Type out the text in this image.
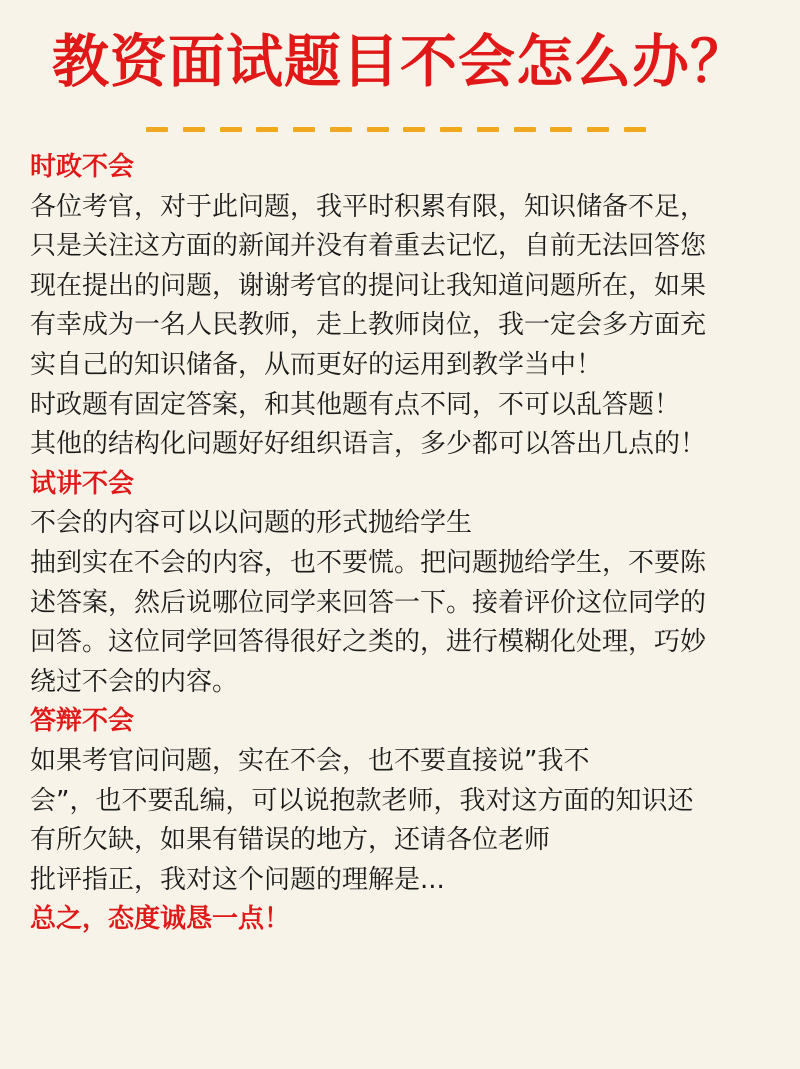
教资面试题目不会怎么办？
时政不会
各位考官，对于此问题，我平时积累有限，知识储备不足，
只是关注这方面的新闻并没有着重去记忆，自前无法回答您
现在提出的问题，谢谢考官的提问让我知道问题所在，如果
有幸成为一名人民教师，走上教师岗位，我一定会多方面充
实自己的知识储备，从而更好的运用到教学当中！
时政题有固定答案，和其他题有点不同，不可以乱答题！
其他的结构化问题好好组织语言，多少都可以答出几点的！
试讲不会
不会的内容可以以问题的形式抛给学生
抽到实在不会的内容，也不要慌。把问题抛给学生，不要陈
述答案，然后说哪位同学来回答一下。接着评价这位同学的
回答。这位同学回答得很好之类的，进行模糊化处理，巧妙
绕过不会的内容。
答辩不会
如果考官问问题，实在不会，也不要直接说”我不
会”，也不要乱编，可以说抱款老师，我对这方面的知识还
有所欠缺，如果有错误的地方，还请各位老师
批评指正，我对这个问题的理解是...
总之，态度诚恳一点！
